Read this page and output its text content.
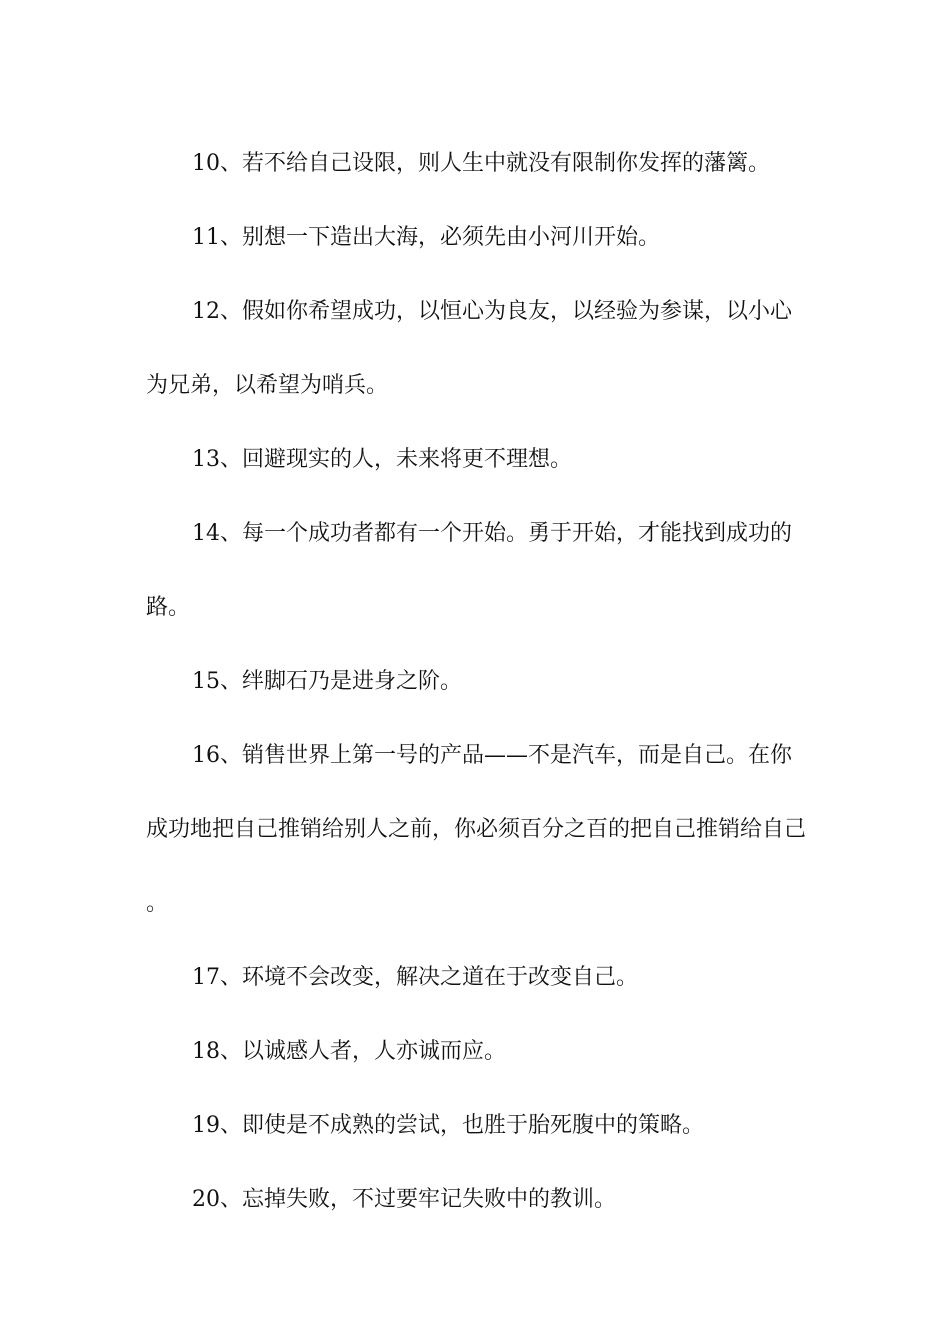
10、若不给自己设限，则人生中就没有限制你发挥的藩篱。

11、别想一下造出大海，必须先由小河川开始。

12、假如你希望成功，以恒心为良友，以经验为参谋，以小心为兄弟，以希望为哨兵。

13、回避现实的人，未来将更不理想。

14、每一个成功者都有一个开始。勇于开始，才能找到成功的路。

15、绊脚石乃是进身之阶。

16、销售世界上第一号的产品——不是汽车，而是自己。在你成功地把自己推销给别人之前，你必须百分之百的把自己推销给自己。

17、环境不会改变，解决之道在于改变自己。

18、以诚感人者，人亦诚而应。

19、即使是不成熟的尝试，也胜于胎死腹中的策略。

20、忘掉失败，不过要牢记失败中的教训。
